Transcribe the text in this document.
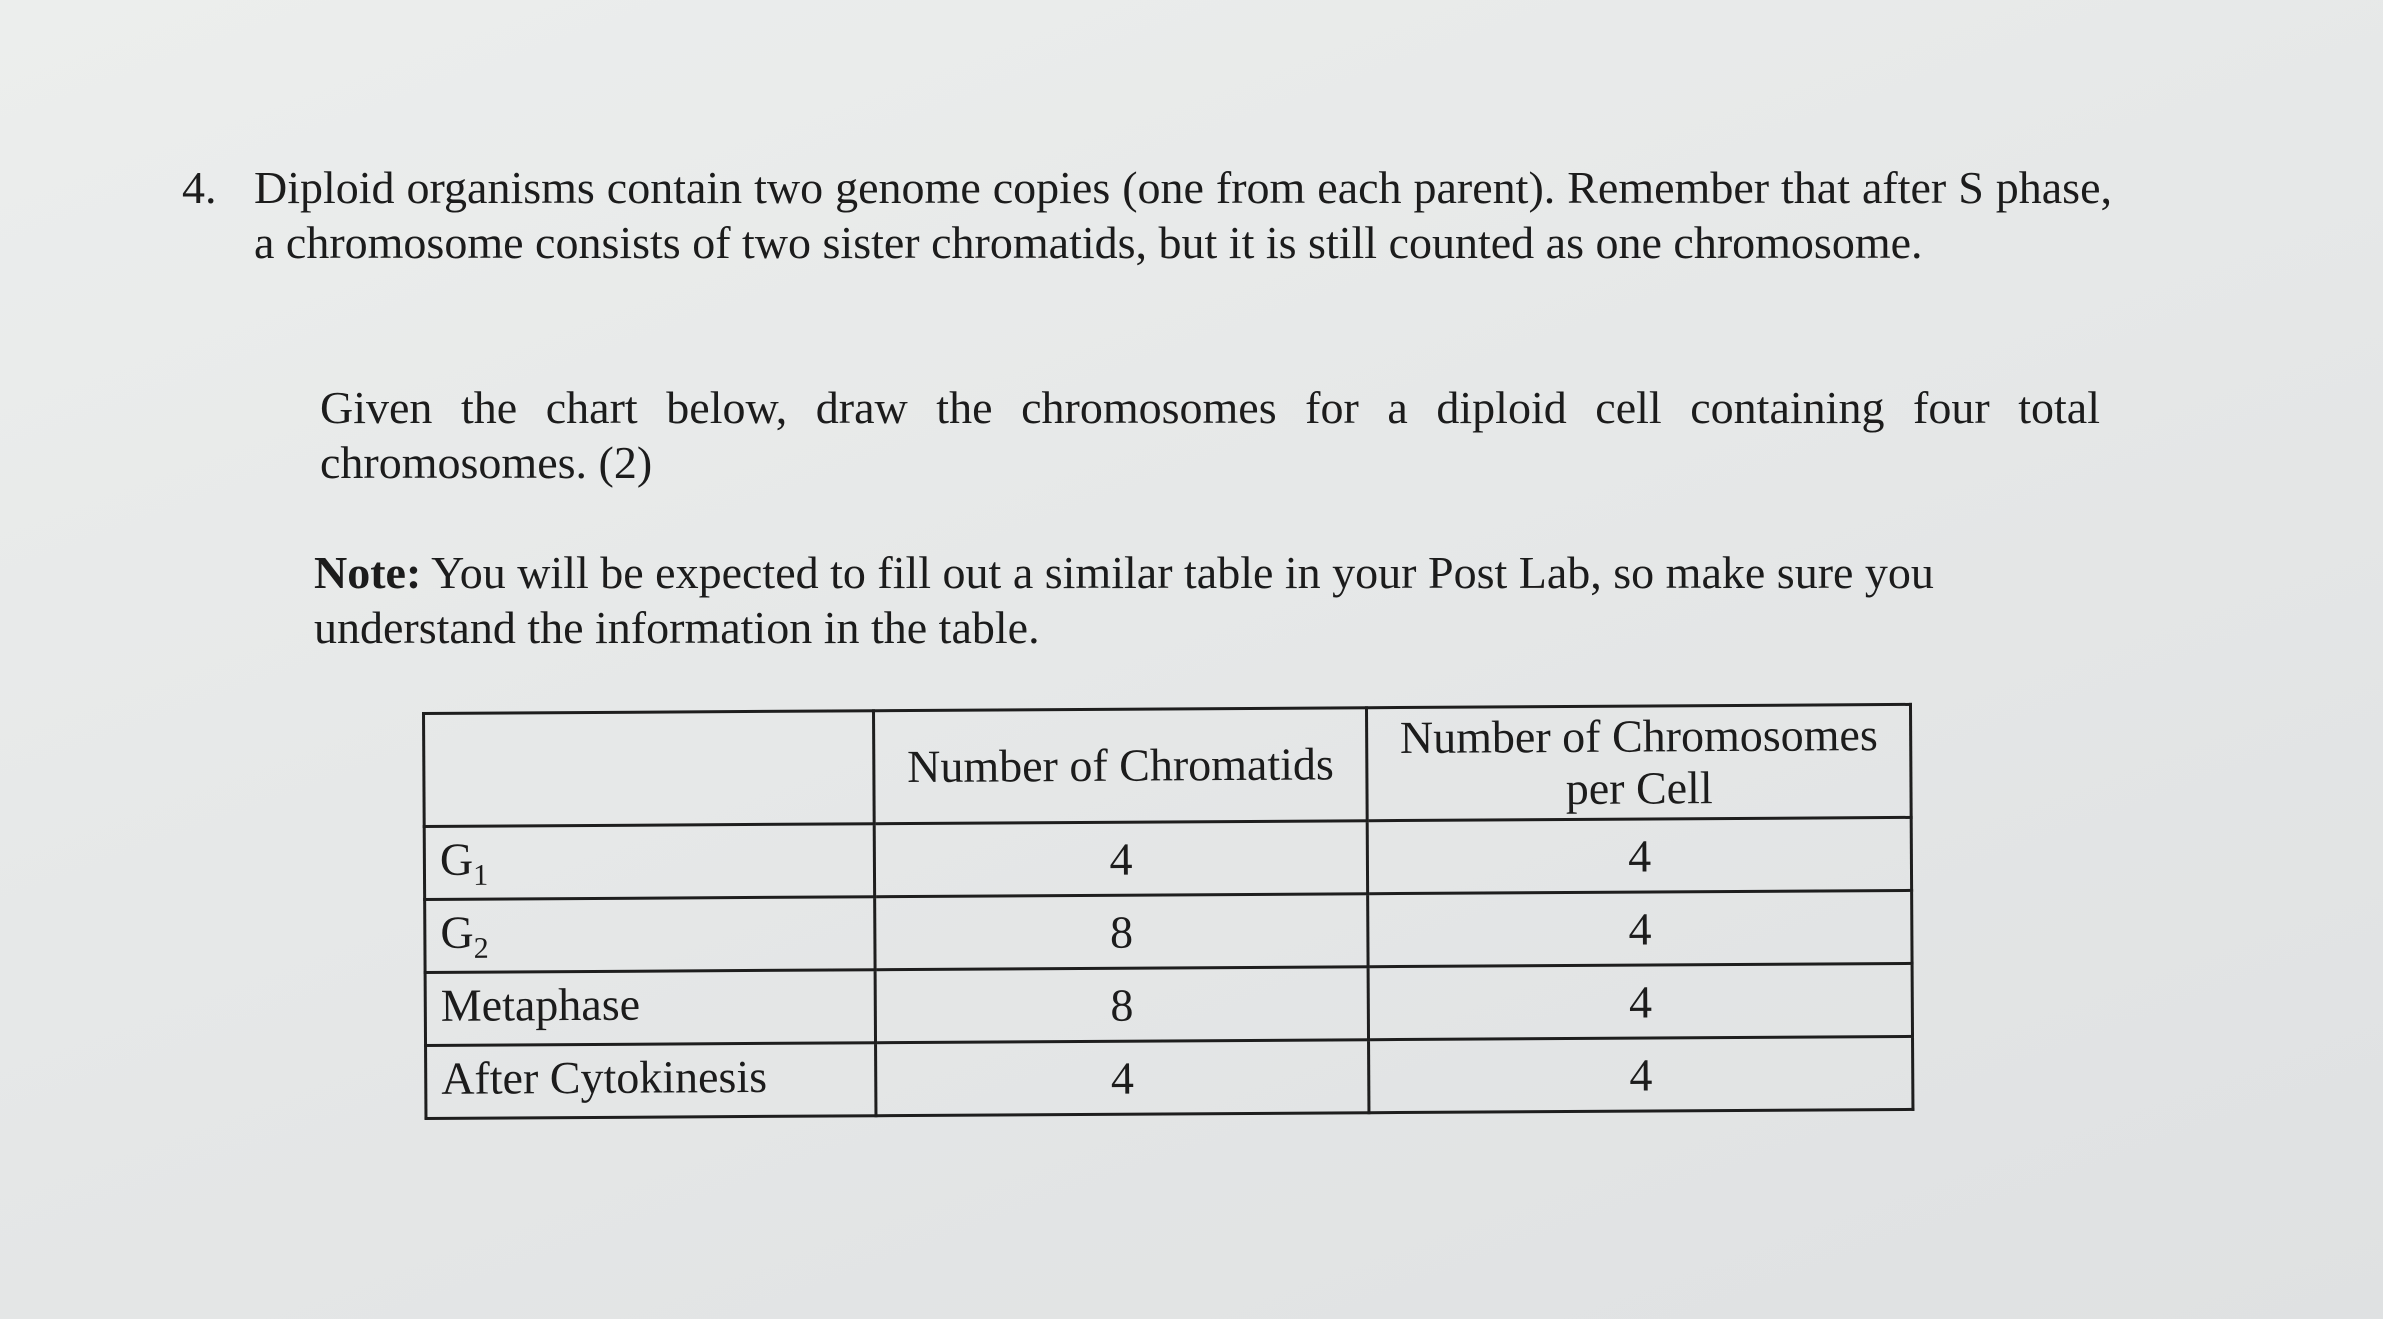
4. Diploid organisms contain two genome copies (one from each parent). Remember that after S phase, a chromosome consists of two sister chromatids, but it is still counted as one chromosome.
Given the chart below, draw the chromosomes for a diploid cell containing four total chromosomes. (2)
Note: You will be expected to fill out a similar table in your Post Lab, so make sure you understand the information in the table.
	Number of Chromatids	Number of Chromosomes per Cell
$G_1$	4	4
$G_2$	8	4
Metaphase	8	4
After Cytokinesis	4	4
